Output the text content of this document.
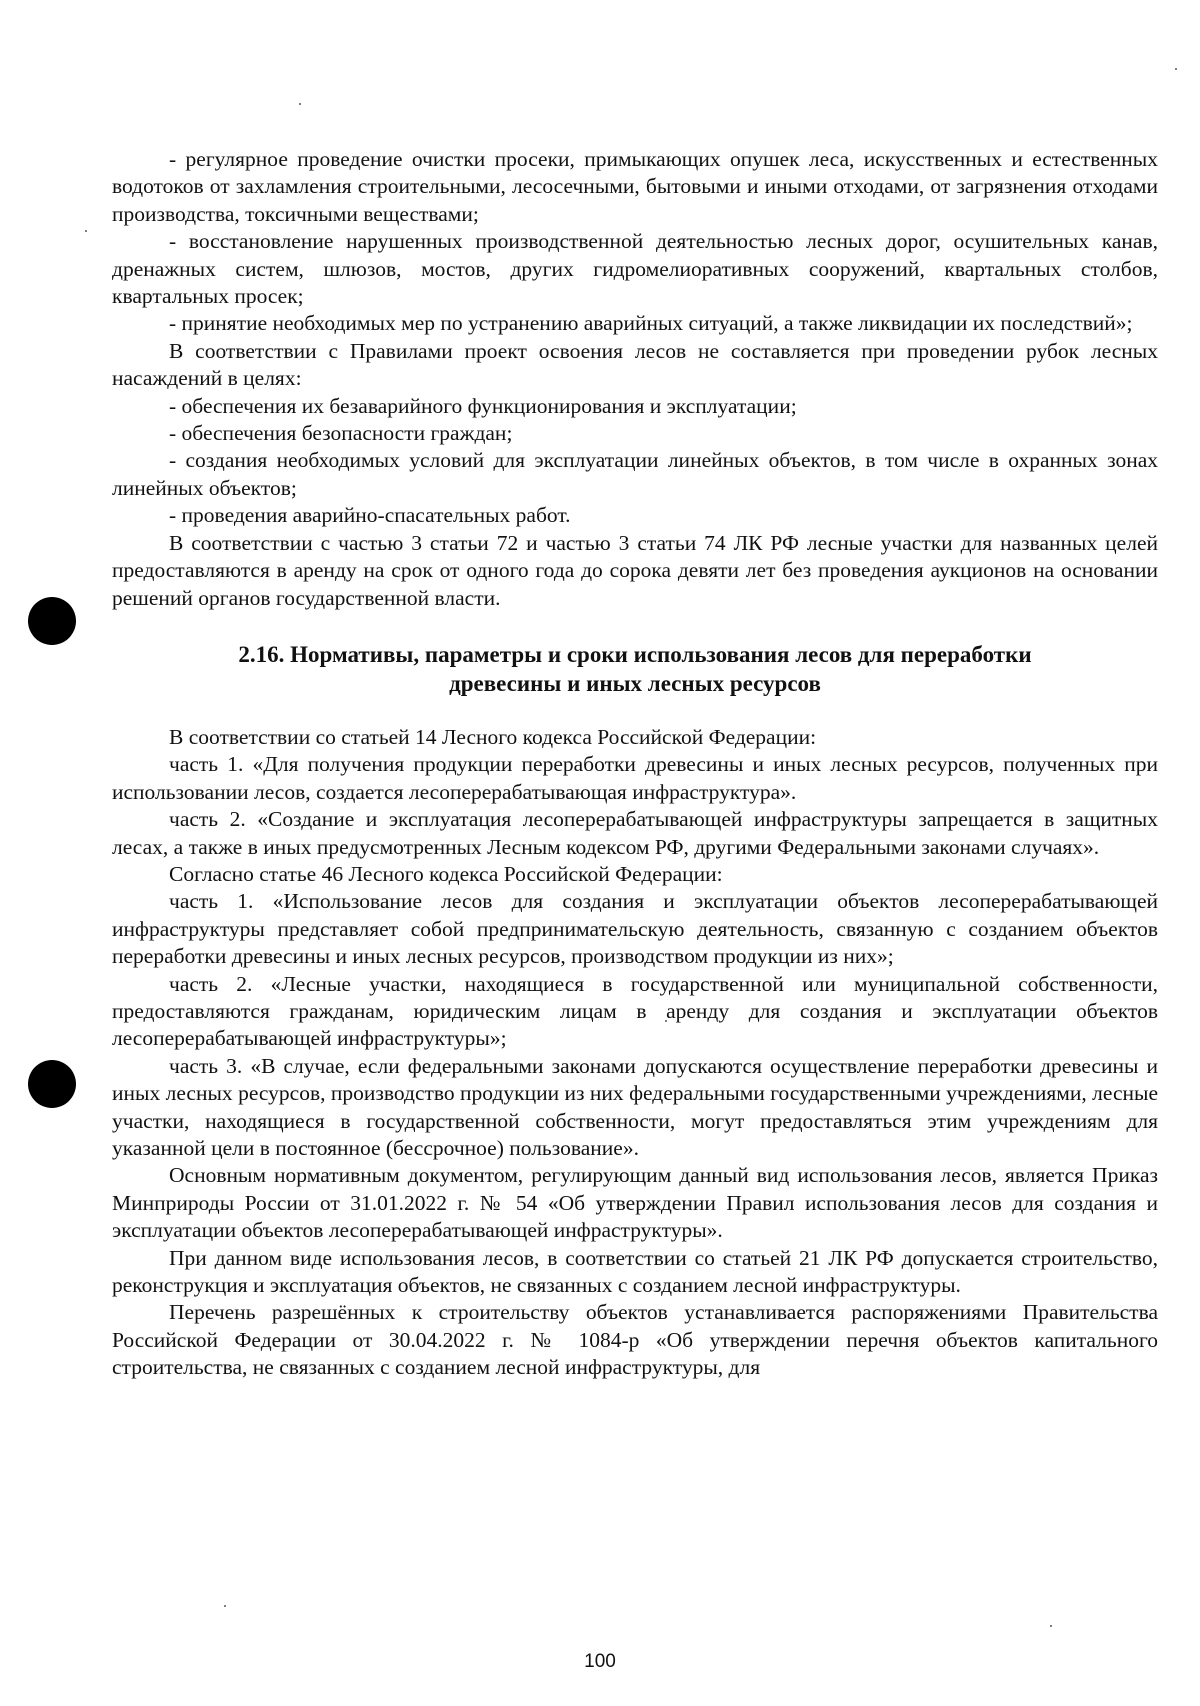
- регулярное проведение очистки просеки, примыкающих опушек леса, искусственных и естественных водотоков от захламления строительными, лесосечными, бытовыми и иными отходами, от загрязнения отходами производства, токсичными веществами;

- восстановление нарушенных производственной деятельностью лесных дорог, осушительных канав, дренажных систем, шлюзов, мостов, других гидромелиоративных сооружений, квартальных столбов, квартальных просек;

- принятие необходимых мер по устранению аварийных ситуаций, а также ликвидации их последствий»;

В соответствии с Правилами проект освоения лесов не составляется при проведении рубок лесных насаждений в целях:

- обеспечения их безаварийного функционирования и эксплуатации;

- обеспечения безопасности граждан;

- создания необходимых условий для эксплуатации линейных объектов, в том числе в охранных зонах линейных объектов;

- проведения аварийно-спасательных работ.

В соответствии с частью 3 статьи 72 и частью 3 статьи 74 ЛК РФ лесные участки для названных целей предоставляются в аренду на срок от одного года до сорока девяти лет без проведения аукционов на основании решений органов государственной власти.

2.16. Нормативы, параметры и сроки использования лесов для переработки
древесины и иных лесных ресурсов

В соответствии со статьей 14 Лесного кодекса Российской Федерации:

часть 1. «Для получения продукции переработки древесины и иных лесных ресурсов, полученных при использовании лесов, создается лесоперерабатывающая инфраструктура».

часть 2. «Создание и эксплуатация лесоперерабатывающей инфраструктуры запрещается в защитных лесах, а также в иных предусмотренных Лесным кодексом РФ, другими Федеральными законами случаях».

Согласно статье 46 Лесного кодекса Российской Федерации:

часть 1. «Использование лесов для создания и эксплуатации объектов лесоперерабатывающей инфраструктуры представляет собой предпринимательскую деятельность, связанную с созданием объектов переработки древесины и иных лесных ресурсов, производством продукции из них»;

часть 2. «Лесные участки, находящиеся в государственной или муниципальной собственности, предоставляются гражданам, юридическим лицам в аренду для создания и эксплуатации объектов лесоперерабатывающей инфраструктуры»;

часть 3. «В случае, если федеральными законами допускаются осуществление переработки древесины и иных лесных ресурсов, производство продукции из них федеральными государственными учреждениями, лесные участки, находящиеся в государственной собственности, могут предоставляться этим учреждениям для указанной цели в постоянное (бессрочное) пользование».

Основным нормативным документом, регулирующим данный вид использования лесов, является Приказ Минприроды России от 31.01.2022 г. № 54 «Об утверждении Правил использования лесов для создания и эксплуатации объектов лесоперерабатывающей инфраструктуры».

При данном виде использования лесов, в соответствии со статьей 21 ЛК РФ допускается строительство, реконструкция и эксплуатация объектов, не связанных с созданием лесной инфраструктуры.

Перечень разрешённых к строительству объектов устанавливается распоряжениями Правительства Российской Федерации от 30.04.2022 г. № 1084-р «Об утверждении перечня объектов капитального строительства, не связанных с созданием лесной инфраструктуры, для

100
